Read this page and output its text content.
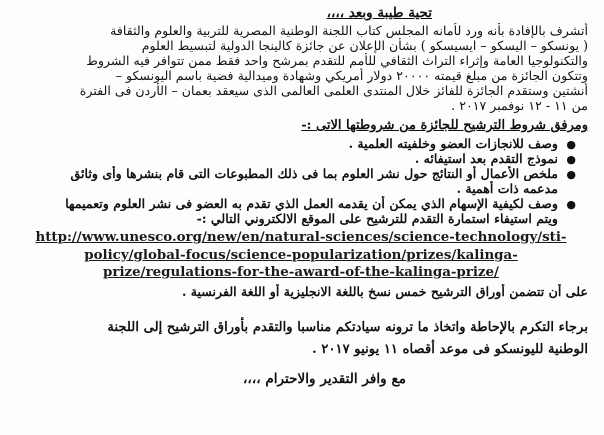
تحية طيبة وبعد ،،،،
أتشرف بالإفادة بأنه ورد لأمانه المجلس كتاب اللجنة الوطنية المصرية للتربية والعلوم والثقافة
( يونسكو – اليسكو – ايسيسكو ) بشأن الإعلان عن جائزة كالينجا الدولية لتبسيط العلوم
والتكنولوجيا العامة وإثراء التراث الثقافي للأمم للتقدم بمرشح واحد فقط ممن تتوافر فيه الشروط
وتتكون الجائزة من مبلغ قيمته ٢٠٠٠٠ دولار أمريكي وشهادة وميدالية فضية باسم اليونسكو –
أنشتين وستقدم الجائزة للفائز خلال المنتدى العلمى العالمى الذى سيعقد بعمان – الأردن فى الفترة
من ١١ - ١٢ نوفمبر ٢٠١٧ .
ومرفق شروط الترشيح للجائزة من شروطتها الاتى :-
● وصف للانجازات العضو وخلفيته العلمية .
● نموذج التقدم بعد استيفائه .
● ملخص الأعمال أو النتائج حول نشر العلوم بما فى ذلك المطبوعات التى قام بنشرها وأى وثائق
مدعمه ذات أهمية .
● وصف لكيفية الإسهام الذي يمكن أن يقدمه العمل الذي تقدم به العضو فى نشر العلوم وتعميمها
ويتم استيفاء استمارة التقدم للترشيح على الموقع الالكتروني التالي :-
http://www.unesco.org/new/en/natural-sciences/science-technology/sti-
policy/global-focus/science-popularization/prizes/kalinga-
prize/regulations-for-the-award-of-the-kalinga-prize/
على أن تتضمن أوراق الترشيح خمس نسخ باللغة الانجليزية أو اللغة الفرنسية .
برجاء التكرم بالإحاطة واتخاذ ما ترونه سيادتكم مناسبا والتقدم بأوراق الترشيح إلى اللجنة
الوطنية لليونسكو فى موعد أقصاه ١١ يونيو ٢٠١٧ .
مع وافر التقدير والاحترام ،،،،
